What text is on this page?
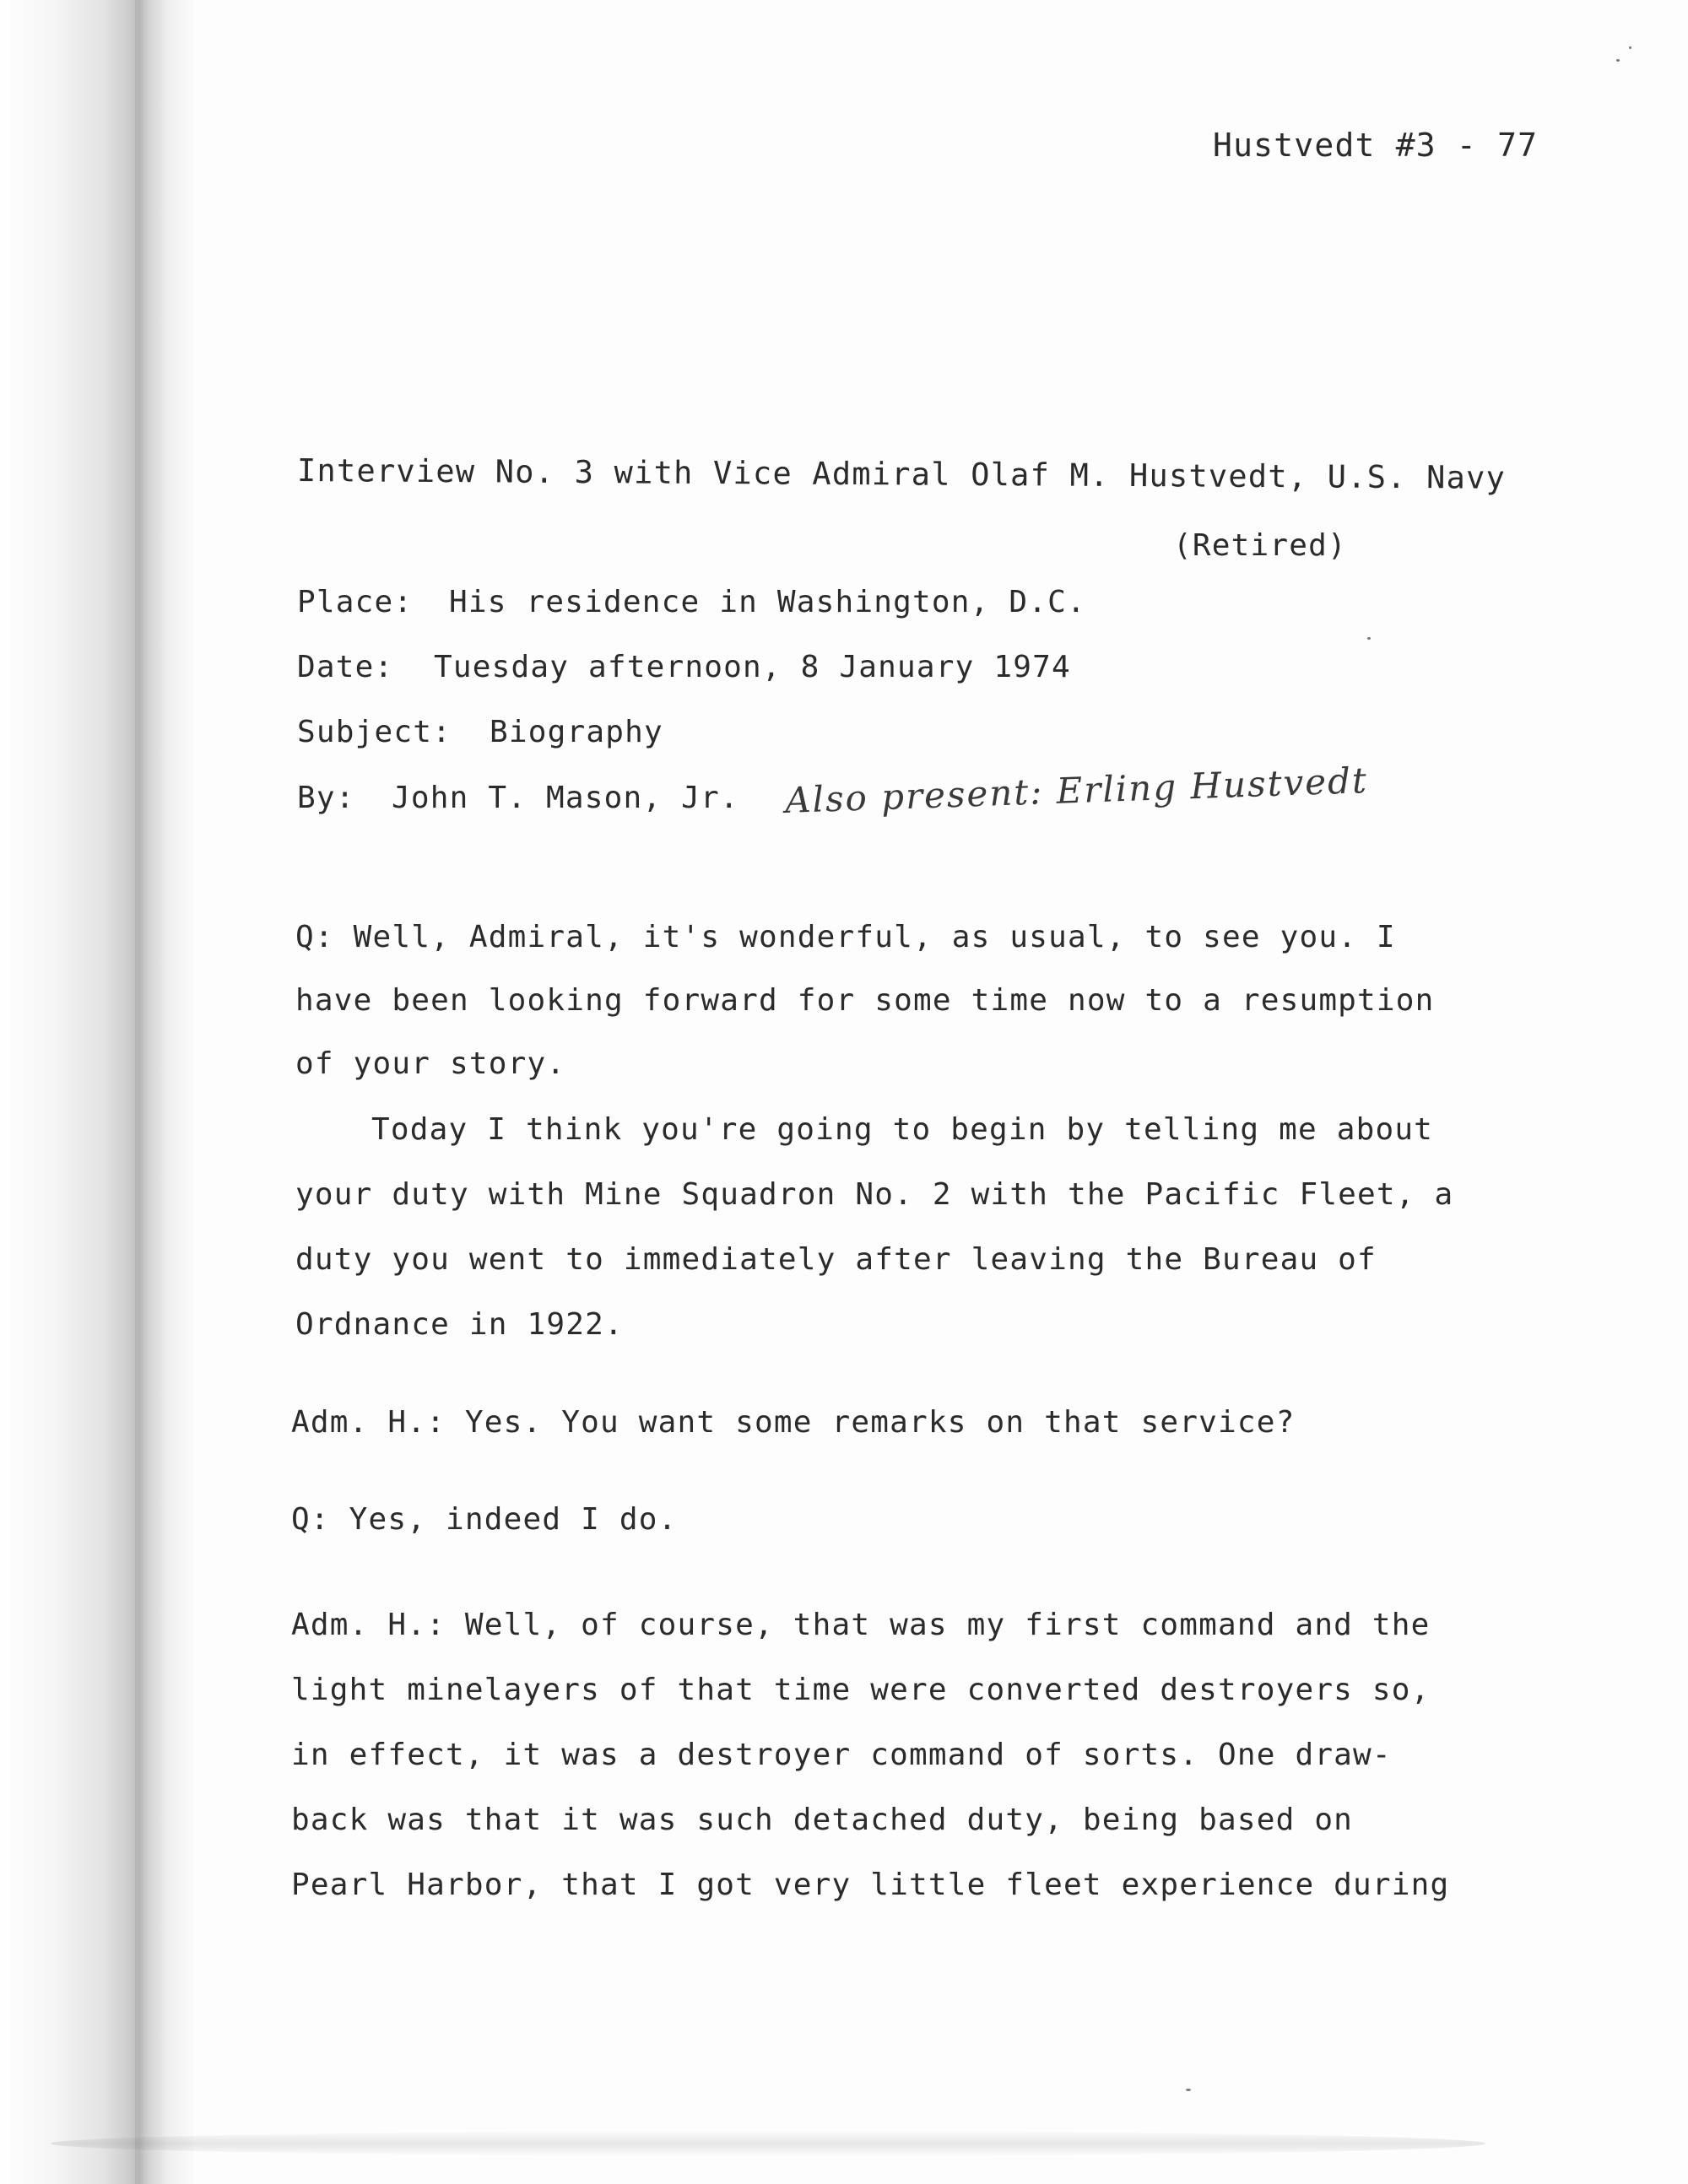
Hustvedt #3 - 77
Interview No. 3 with Vice Admiral Olaf M. Hustvedt, U.S. Navy
(Retired)
Place: His residence in Washington, D.C.
Date: Tuesday afternoon, 8 January 1974
Subject: Biography
By: John T. Mason, Jr. Also present: Erling Hustvedt
Q: Well, Admiral, it's wonderful, as usual, to see you. I
have been looking forward for some time now to a resumption
of your story.
Today I think you're going to begin by telling me about
your duty with Mine Squadron No. 2 with the Pacific Fleet, a
duty you went to immediately after leaving the Bureau of
Ordnance in 1922.
Adm. H.: Yes. You want some remarks on that service?
Q: Yes, indeed I do.
Adm. H.: Well, of course, that was my first command and the
light minelayers of that time were converted destroyers so,
in effect, it was a destroyer command of sorts. One draw-
back was that it was such detached duty, being based on
Pearl Harbor, that I got very little fleet experience during
